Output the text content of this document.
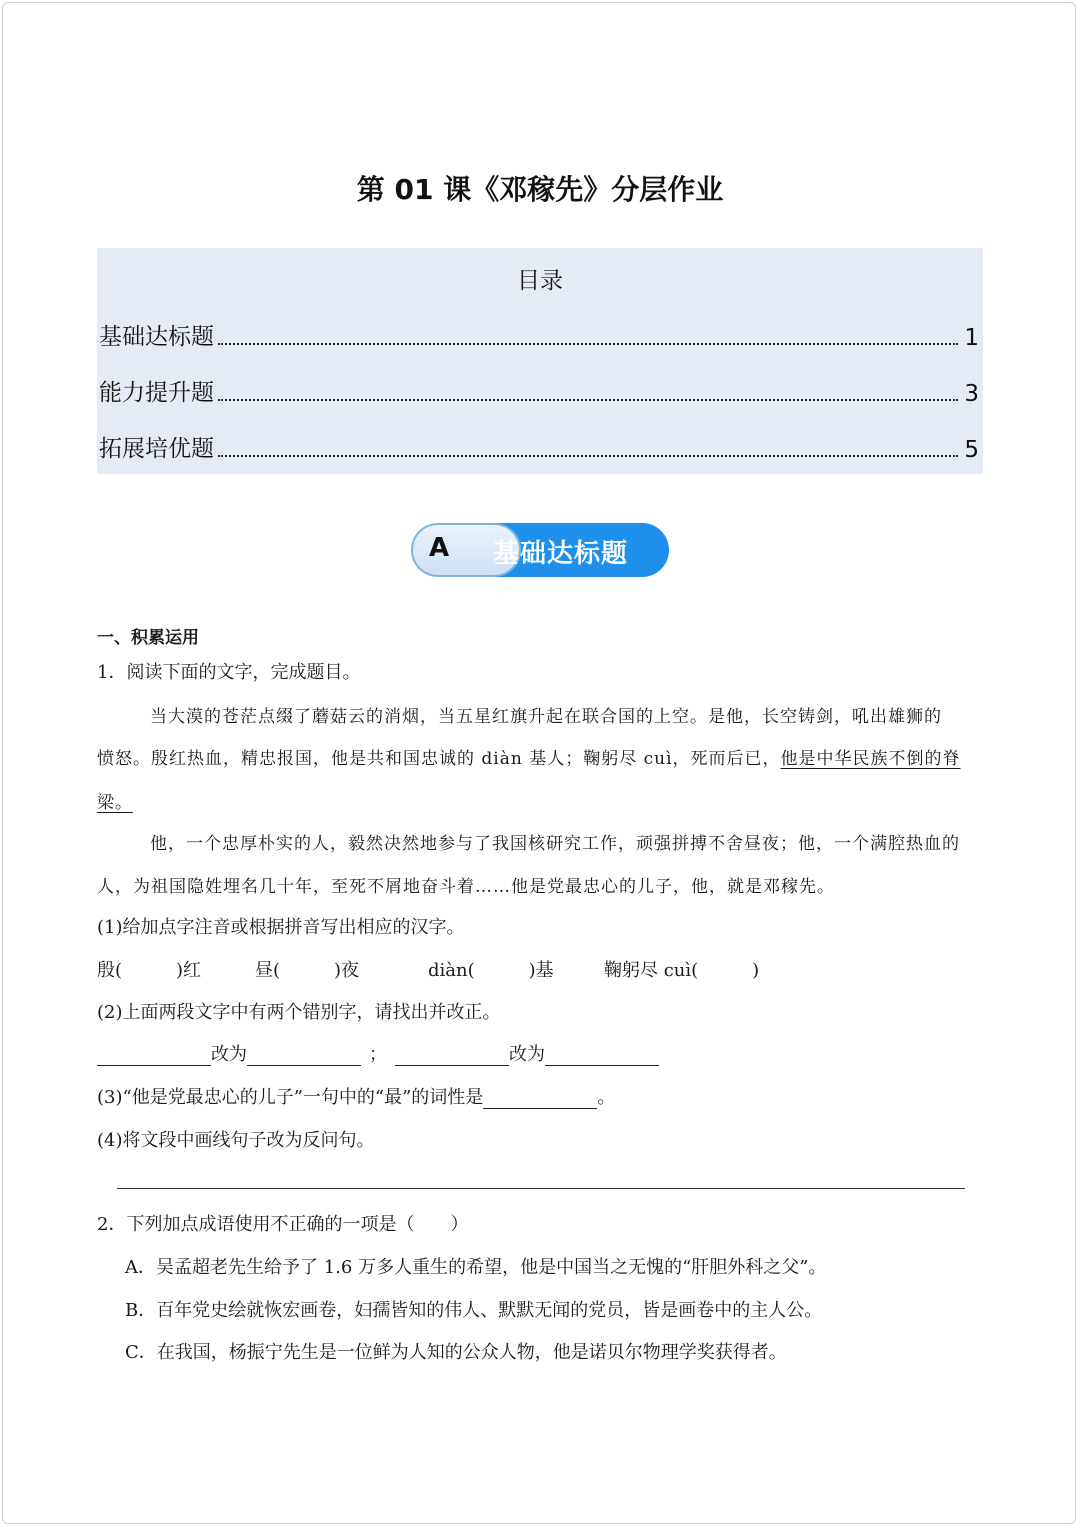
第 01 课《邓稼先》分层作业
目录
基础达标题	1
能力提升题	3
拓展培优题	5
A 基础达标题
一、积累运用
1．阅读下面的文字，完成题目。
当大漠的苍茫点缀了蘑菇云的消烟，当五星红旗升起在联合国的上空。是他，长空铸剑，吼出雄狮的
愤怒。殷红热血，精忠报国，他是共和国忠诚的 diàn 基人；鞠躬尽 cuì，死而后已，他是中华民族不倒的脊
梁。
他，一个忠厚朴实的人，毅然决然地参与了我国核研究工作，顽强拼搏不舍昼夜；他，一个满腔热血的
人，为祖国隐姓埋名几十年，至死不屑地奋斗着……他是党最忠心的儿子，他，就是邓稼先。
(1)给加点字注音或根据拼音写出相应的汉字。
殷(　　　)红	昼(　　　)夜	diàn(　　　)基	鞠躬尽 cuì(　　　)
(2)上面两段文字中有两个错别字，请找出并改正。
改为	；	改为
(3)“他是党最忠心的儿子”一句中的“最”的词性是	。
(4)将文段中画线句子改为反问句。
2．下列加点成语使用不正确的一项是（　　）
A．吴孟超老先生给予了 1.6 万多人重生的希望，他是中国当之无愧的“肝胆外科之父”。
B．百年党史绘就恢宏画卷，妇孺皆知的伟人、默默无闻的党员，皆是画卷中的主人公。
C．在我国，杨振宁先生是一位鲜为人知的公众人物，他是诺贝尔物理学奖获得者。
